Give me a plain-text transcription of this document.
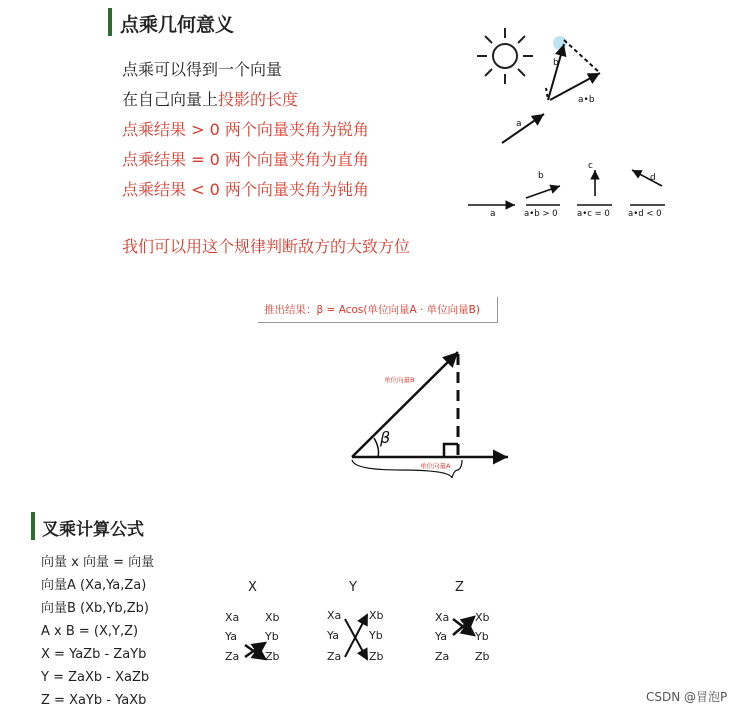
点乘几何意义
点乘可以得到一个向量
在自己向量上投影的长度
点乘结果 > 0 两个向量夹角为锐角
点乘结果 = 0 两个向量夹角为直角
点乘结果 < 0 两个向量夹角为钝角
我们可以用这个规律判断敌方的大致方位
b
a•b
a
a
b
a•b > 0
c
a•c = 0
d
a•d < 0
推出结果：β = Acos(单位向量A · 单位向量B)
β
单位向量B
单位向量A
叉乘计算公式
向量 x 向量 = 向量
向量A (Xa,Ya,Za)
向量B (Xb,Yb,Zb)
A x B = (X,Y,Z)
X = YaZb - ZaYb
Y = ZaXb - XaZb
Z = XaYb - YaXb
X
Xa Xb
Ya	Yb
Za Zb
Y
Xa	Xb
Ya	Yb
Za	Zb
Z
Xa Xb
Ya	Yb
Za Zb
CSDN @冒泡P
